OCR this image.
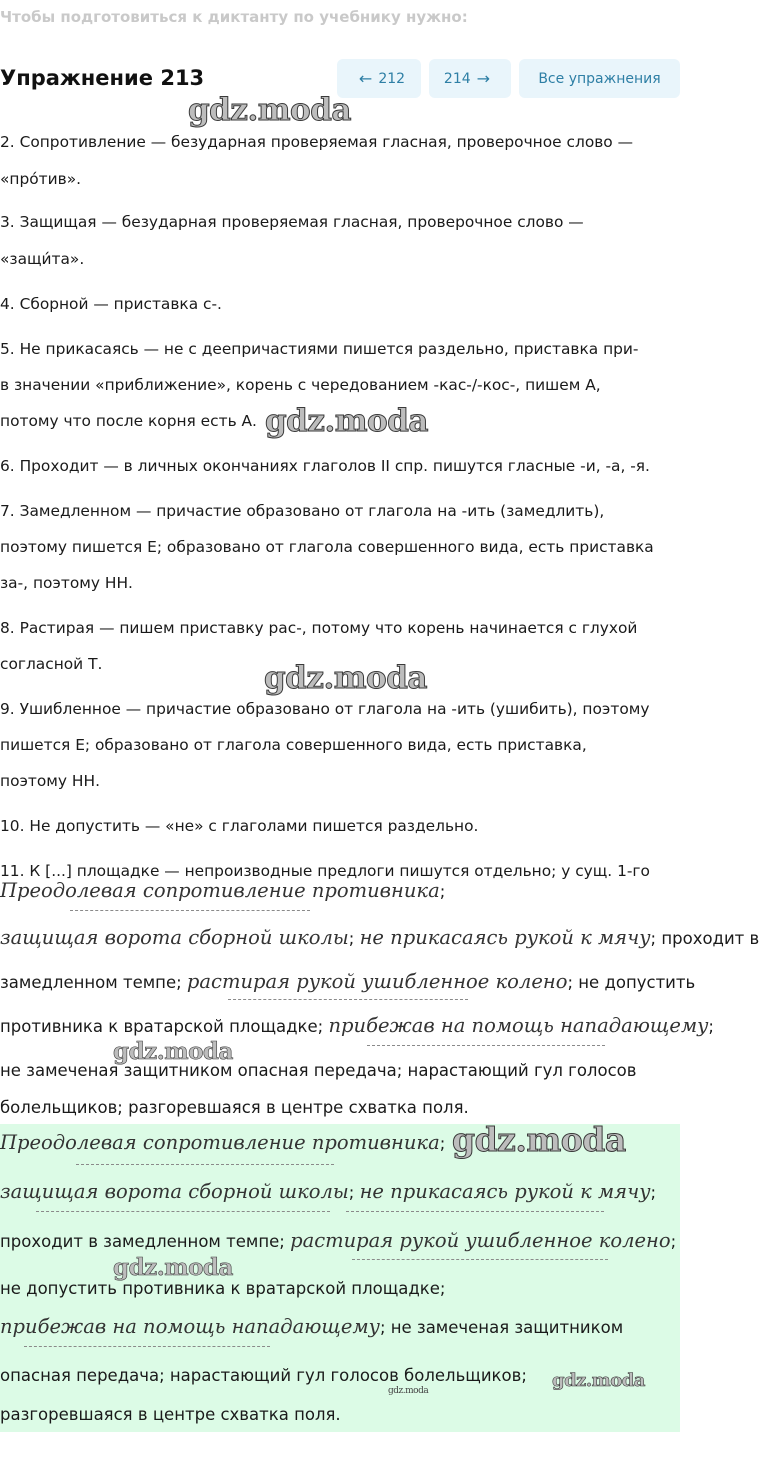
Чтобы подготовиться к диктанту по учебнику нужно:
Упражнение 213	← 212	214 →	Все упражнения
gdz.moda
2. Сопротивление — безударная проверяемая гласная, проверочное слово —
«прóтив».
3. Защищая — безударная проверяемая гласная, проверочное слово —
«защи́та».
4. Сборной — приставка с-.
5. Не прикасаясь — не с деепричастиями пишется раздельно, приставка при-
в значении «приближение», корень с чередованием -кас-/-кос-, пишем А,
потому что после корня есть А. gdz.moda
6. Проходит — в личных окончаниях глаголов II спр. пишутся гласные -и, -а, -я.
7. Замедленном — причастие образовано от глагола на -ить (замедлить),
поэтому пишется Е; образовано от глагола совершенного вида, есть приставка
за-, поэтому НН.
8. Растирая — пишем приставку рас-, потому что корень начинается с глухой
согласной Т.	gdz.moda
9. Ушибленное — причастие образовано от глагола на -ить (ушибить), поэтому
пишется Е; образовано от глагола совершенного вида, есть приставка,
поэтому НН.
10. Не допустить — «не» с глаголами пишется раздельно.
11. К [...] площадке — непроизводные предлоги пишутся отдельно; у сущ. 1-го
Преодолевая сопротивление противника;
защищая ворота сборной школы; не прикасаясь рукой к мячу; проходит в
замедленном темпе; растирая рукой ушибленное колено; не допустить
противника к вратарской площадке; прибежав на помощь нападающему;
gdz.moda
не замеченая защитником опасная передача; нарастающий гул голосов
болельщиков; разгоревшаяся в центре схватка поля.
gdz.moda
Преодолевая сопротивление противника;
защищая ворота сборной школы; не прикасаясь рукой к мячу;
проходит в замедленном темпе; растирая рукой ушибленное колено;
gdz.moda
не допустить противника к вратарской площадке;
прибежав на помощь нападающему; не замеченая защитником
опасная передача; нарастающий гул голосов болельщиков; gdz.moda
gdz.moda
разгоревшаяся в центре схватка поля.
